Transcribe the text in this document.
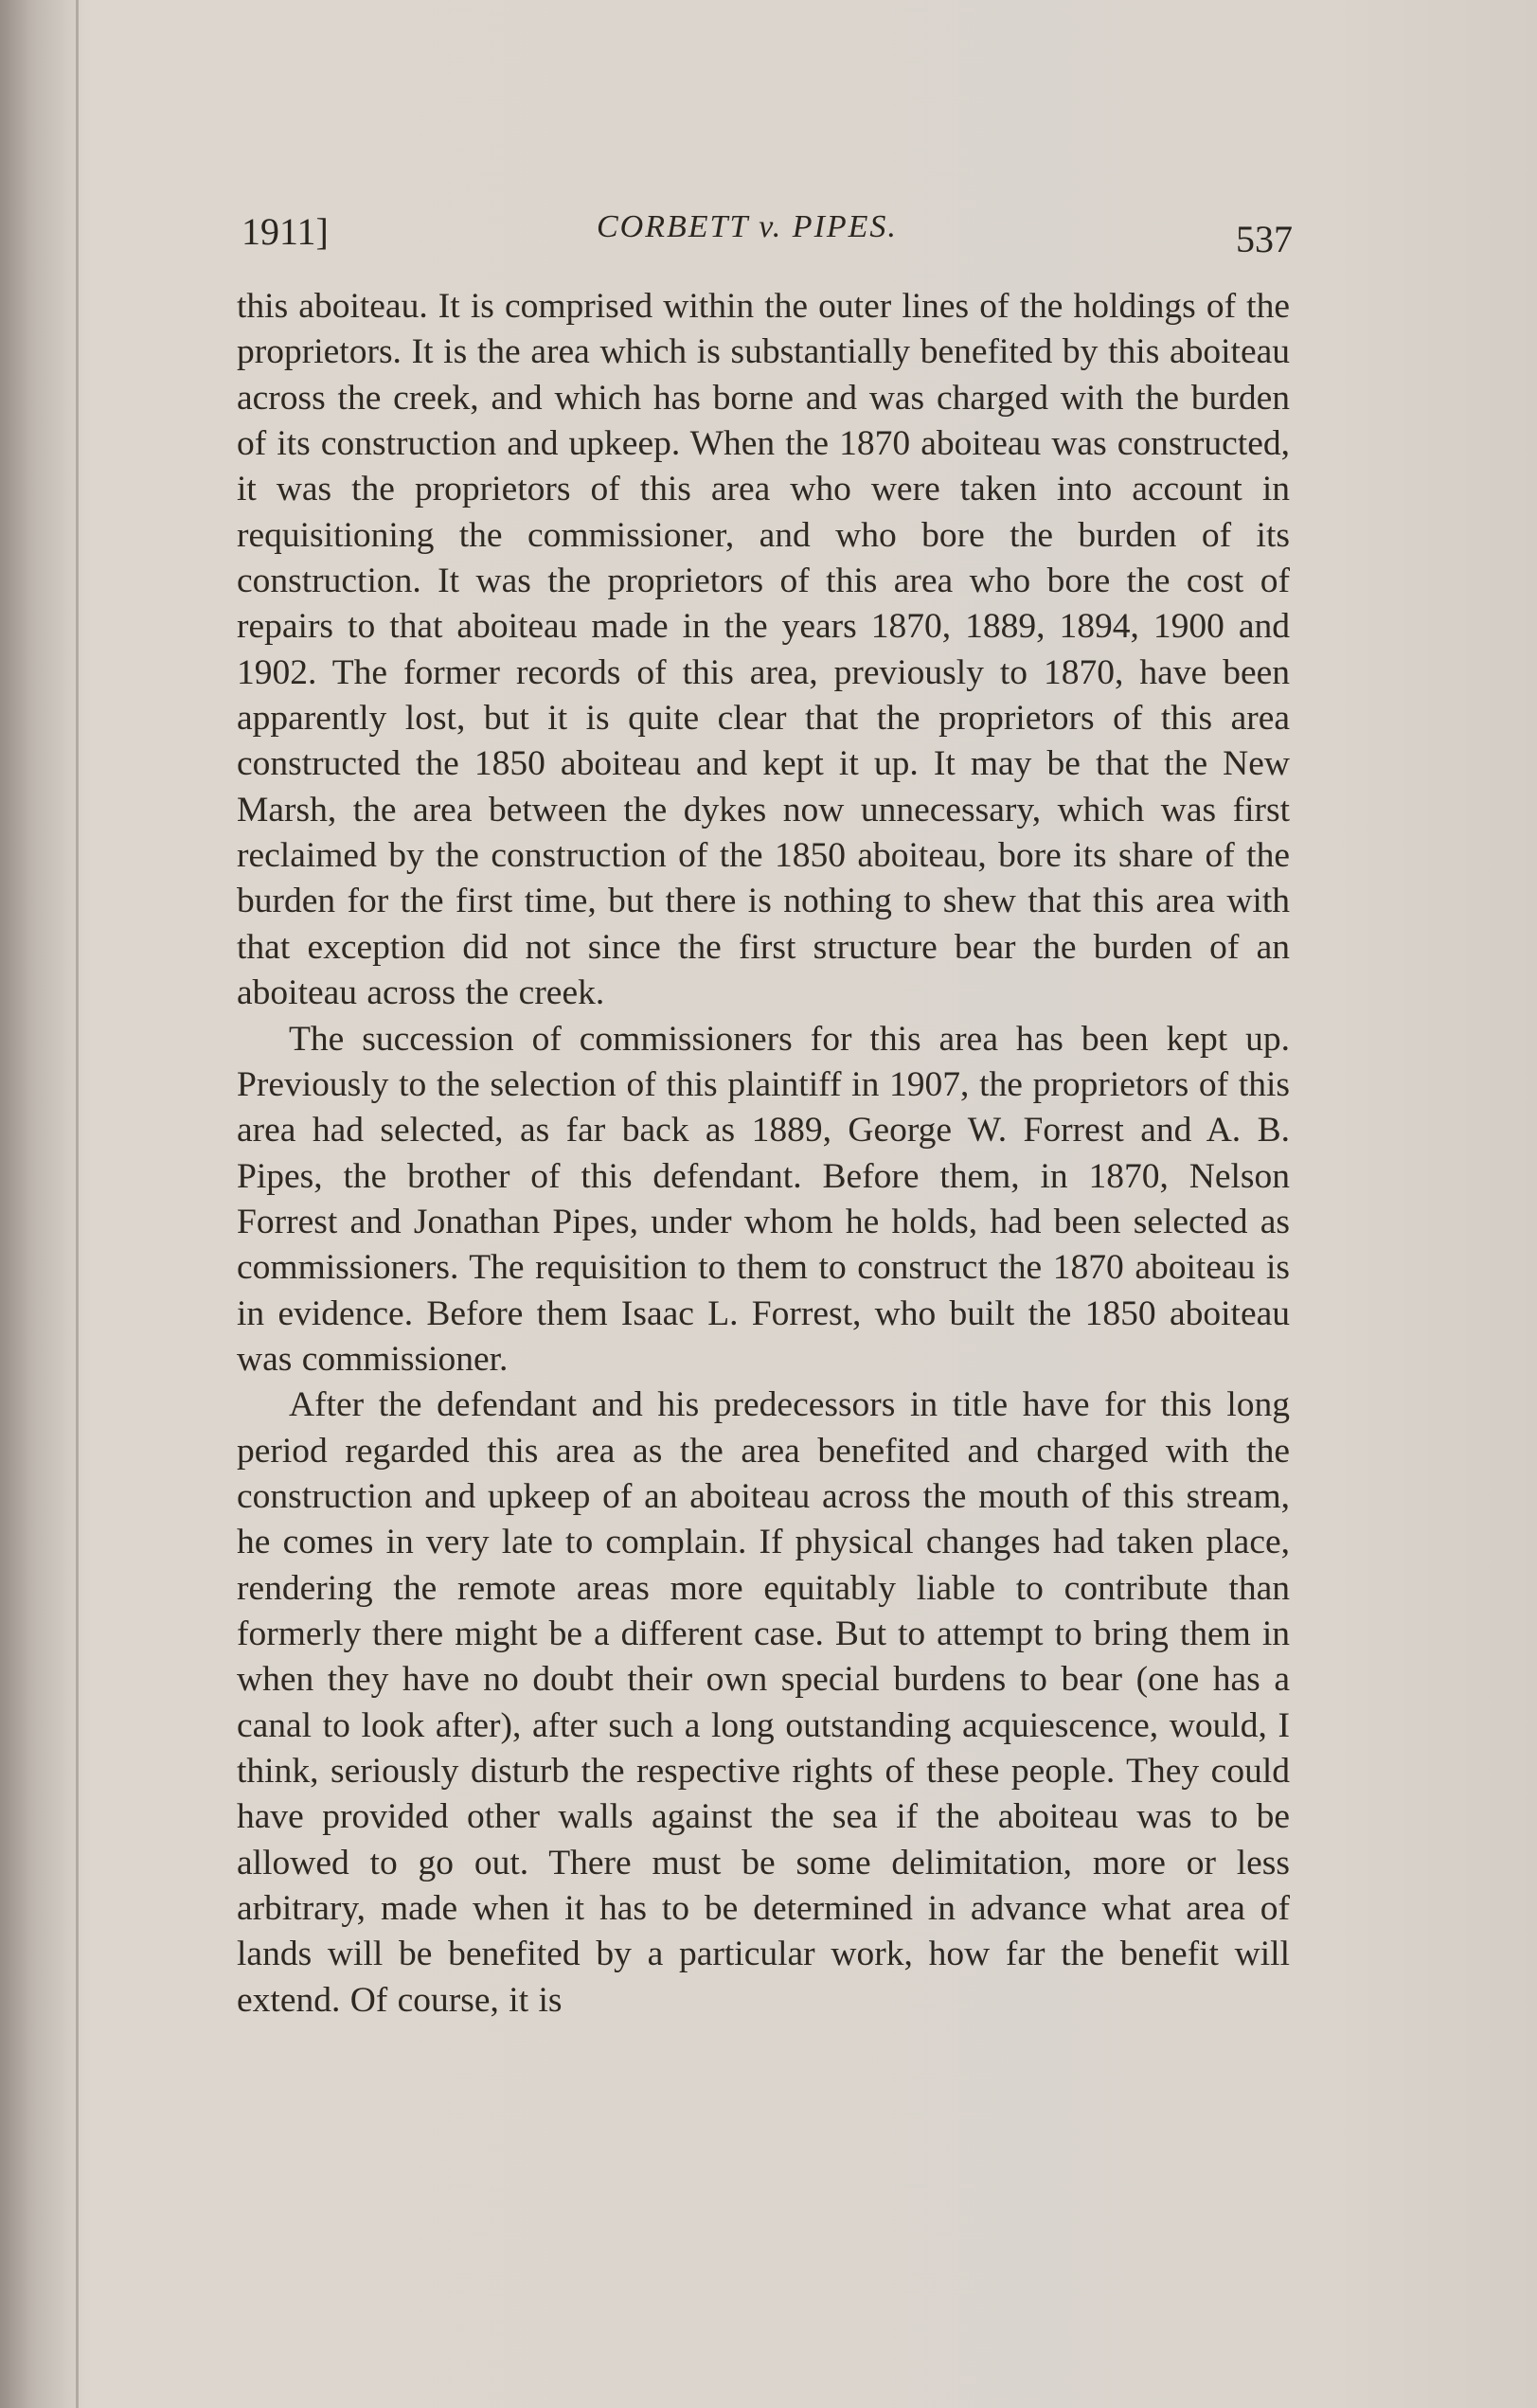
1911]	CORBETT v. PIPES.	537

this aboiteau. It is comprised within the outer lines of the holdings of the proprietors. It is the area which is substantially benefited by this aboiteau across the creek, and which has borne and was charged with the burden of its construction and upkeep. When the 1870 aboiteau was constructed, it was the proprietors of this area who were taken into account in requisitioning the commissioner, and who bore the burden of its construction. It was the proprietors of this area who bore the cost of repairs to that aboiteau made in the years 1870, 1889, 1894, 1900 and 1902. The former records of this area, previously to 1870, have been apparently lost, but it is quite clear that the proprietors of this area constructed the 1850 aboiteau and kept it up. It may be that the New Marsh, the area between the dykes now unnecessary, which was first reclaimed by the construction of the 1850 aboiteau, bore its share of the burden for the first time, but there is nothing to shew that this area with that exception did not since the first structure bear the burden of an aboiteau across the creek.

The succession of commissioners for this area has been kept up. Previously to the selection of this plaintiff in 1907, the proprietors of this area had selected, as far back as 1889, George W. Forrest and A. B. Pipes, the brother of this defendant. Before them, in 1870, Nelson Forrest and Jonathan Pipes, under whom he holds, had been selected as commissioners. The requisition to them to construct the 1870 aboiteau is in evidence. Before them Isaac L. Forrest, who built the 1850 aboiteau was commissioner.

After the defendant and his predecessors in title have for this long period regarded this area as the area benefited and charged with the construction and upkeep of an aboiteau across the mouth of this stream, he comes in very late to complain. If physical changes had taken place, rendering the remote areas more equitably liable to contribute than formerly there might be a different case. But to attempt to bring them in when they have no doubt their own special burdens to bear (one has a canal to look after), after such a long outstanding acquiescence, would, I think, seriously disturb the respective rights of these people. They could have provided other walls against the sea if the aboiteau was to be allowed to go out. There must be some delimitation, more or less arbitrary, made when it has to be determined in advance what area of lands will be benefited by a particular work, how far the benefit will extend. Of course, it is
